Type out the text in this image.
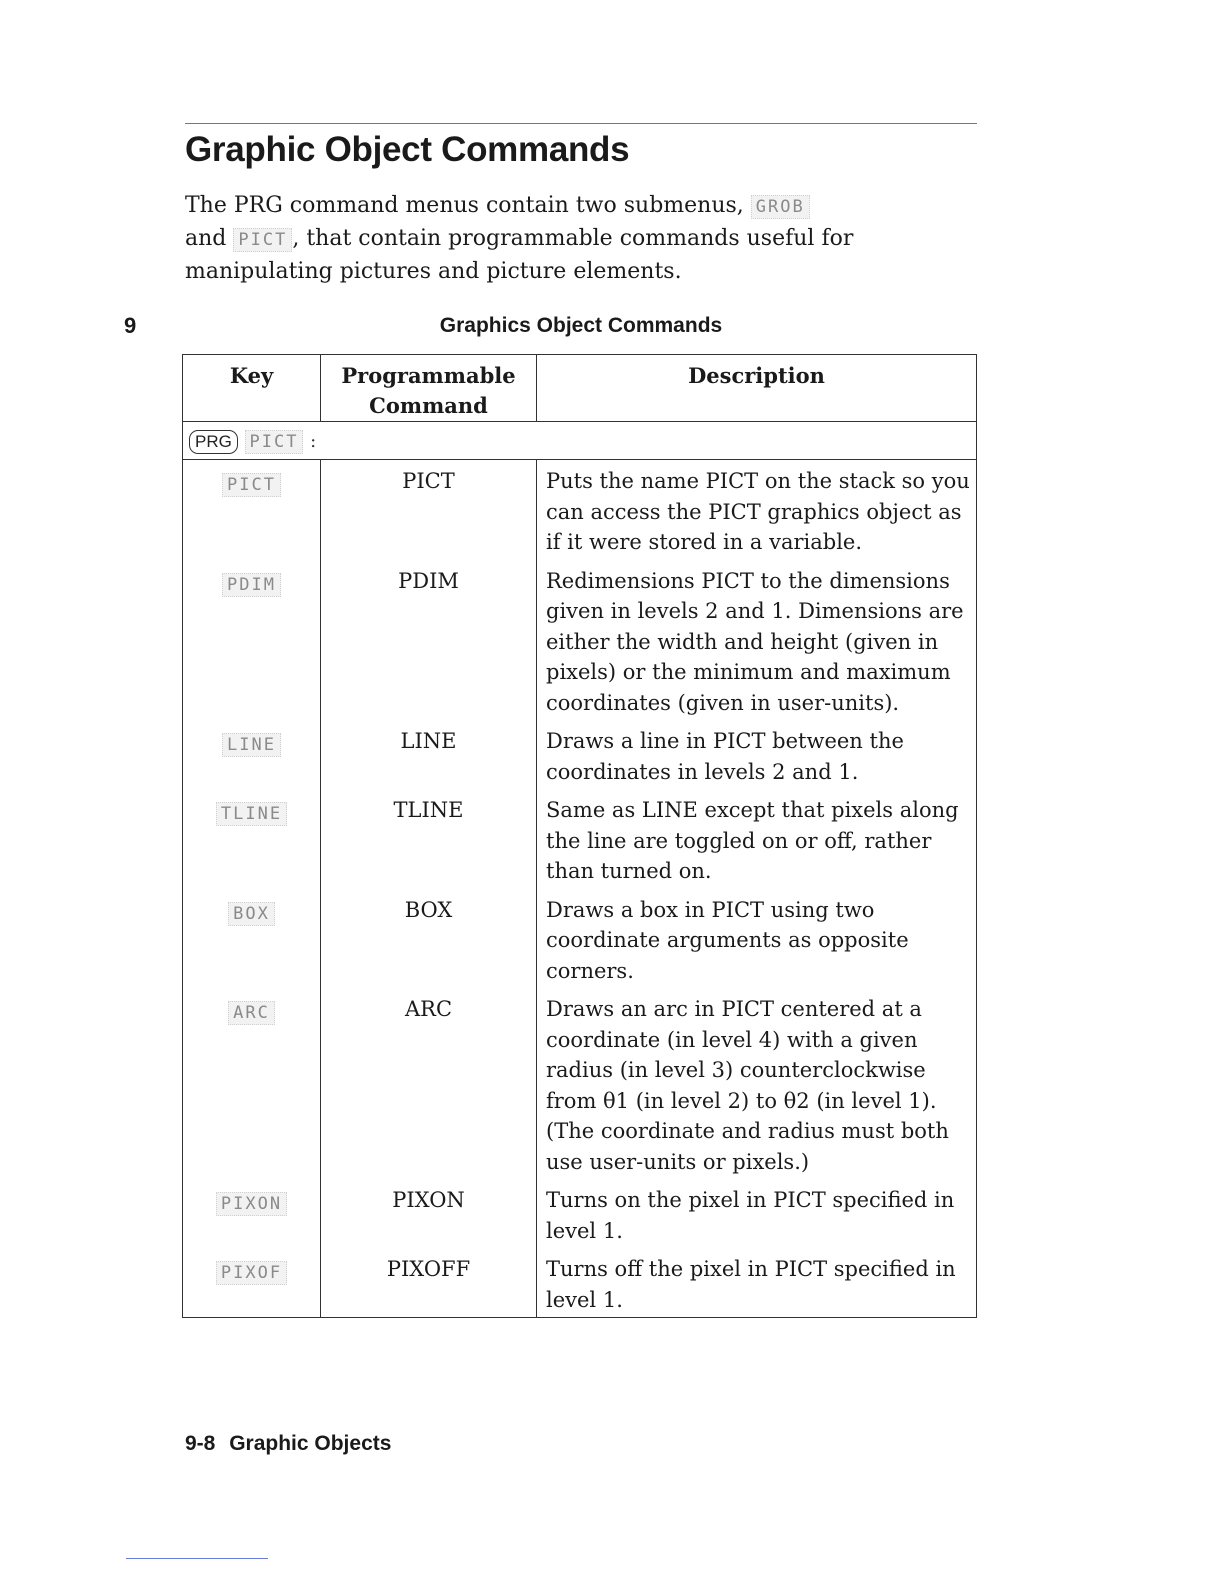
Graphic Object Commands
The PRG command menus contain two submenus, GROB
and PICT , that contain programmable commands useful for manipulating pictures and picture elements.
9	Graphics Object Commands
Key	Programmable Command	Description
PRG PICT :		
PICT	PICT	Puts the name PICT on the stack so you can access the PICT graphics object as if it were stored in a variable.
PDIM	PDIM	Redimensions PICT to the dimensions given in levels 2 and 1. Dimensions are either the width and height (given in pixels) or the minimum and maximum coordinates (given in user-units).
LINE	LINE	Draws a line in PICT between the coordinates in levels 2 and 1.
TLINE	TLINE	Same as LINE except that pixels along the line are toggled on or off, rather than turned on.
BOX	BOX	Draws a box in PICT using two coordinate arguments as opposite corners.
ARC	ARC	Draws an arc in PICT centered at a coordinate (in level 4) with a given radius (in level 3) counterclockwise from θ1 (in level 2) to θ2 (in level 1). (The coordinate and radius must both use user-units or pixels.)
PIXON	PIXON	Turns on the pixel in PICT specified in level 1.
PIXOF	PIXOFF	Turns off the pixel in PICT specified in level 1.
9-8 Graphic Objects
